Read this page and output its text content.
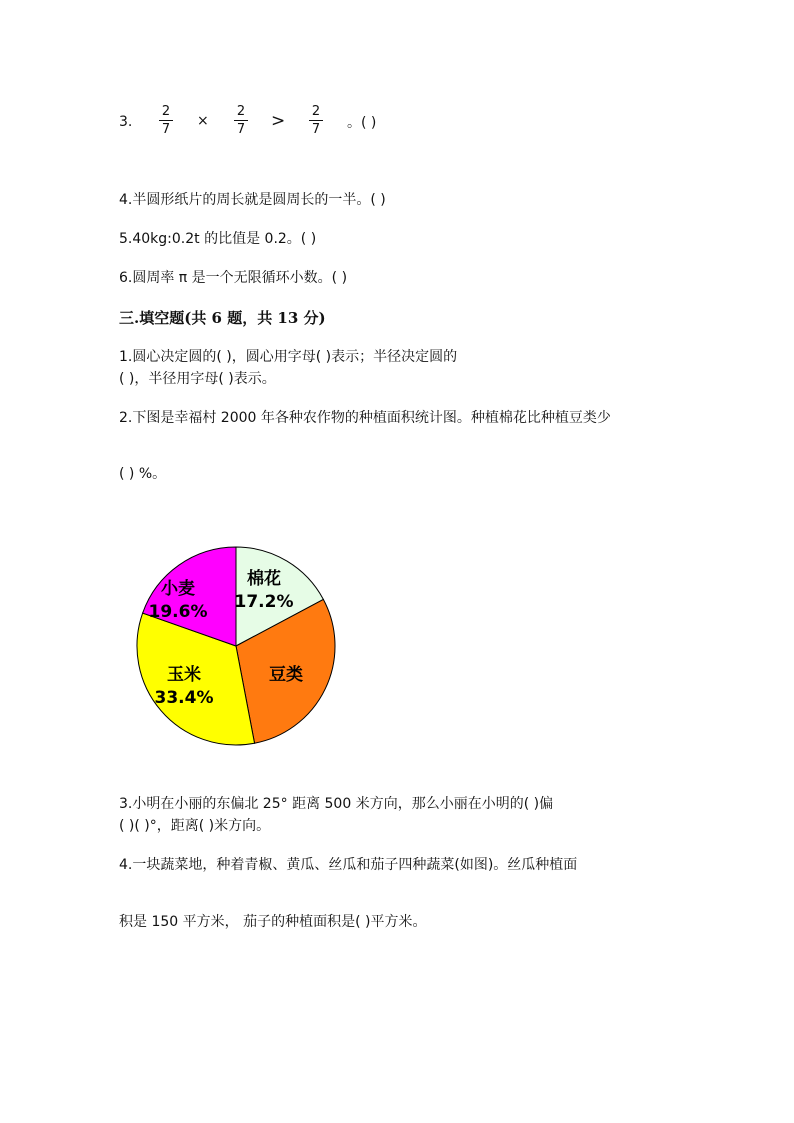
3.
2
7
×
2
7 > 2
7 。( )
4.半圆形纸片的周长就是圆周长的一半。( )
5.40kg:0.2t 的比值是 0.2。( )
6.圆周率 π 是一个无限循环小数。( )
三.填空题(共 6 题，共 13 分)
1.圆心决定圆的( )，圆心用字母( )表示；半径决定圆的
( )，半径用字母( )表示。
2.下图是幸福村 2000 年各种农作物的种植面积统计图。种植棉花比种植豆类少
( ) %。
棉花
17.2%
豆类
玉米
33.4%
小麦
19.6%
3.小明在小丽的东偏北 25° 距离 500 米方向，那么小丽在小明的( )偏
( )( )°，距离( )米方向。
4.一块蔬菜地，种着青椒、黄瓜、丝瓜和茄子四种蔬菜(如图)。丝瓜种植面
积是 150 平方米， 茄子的种植面积是( )平方米。
